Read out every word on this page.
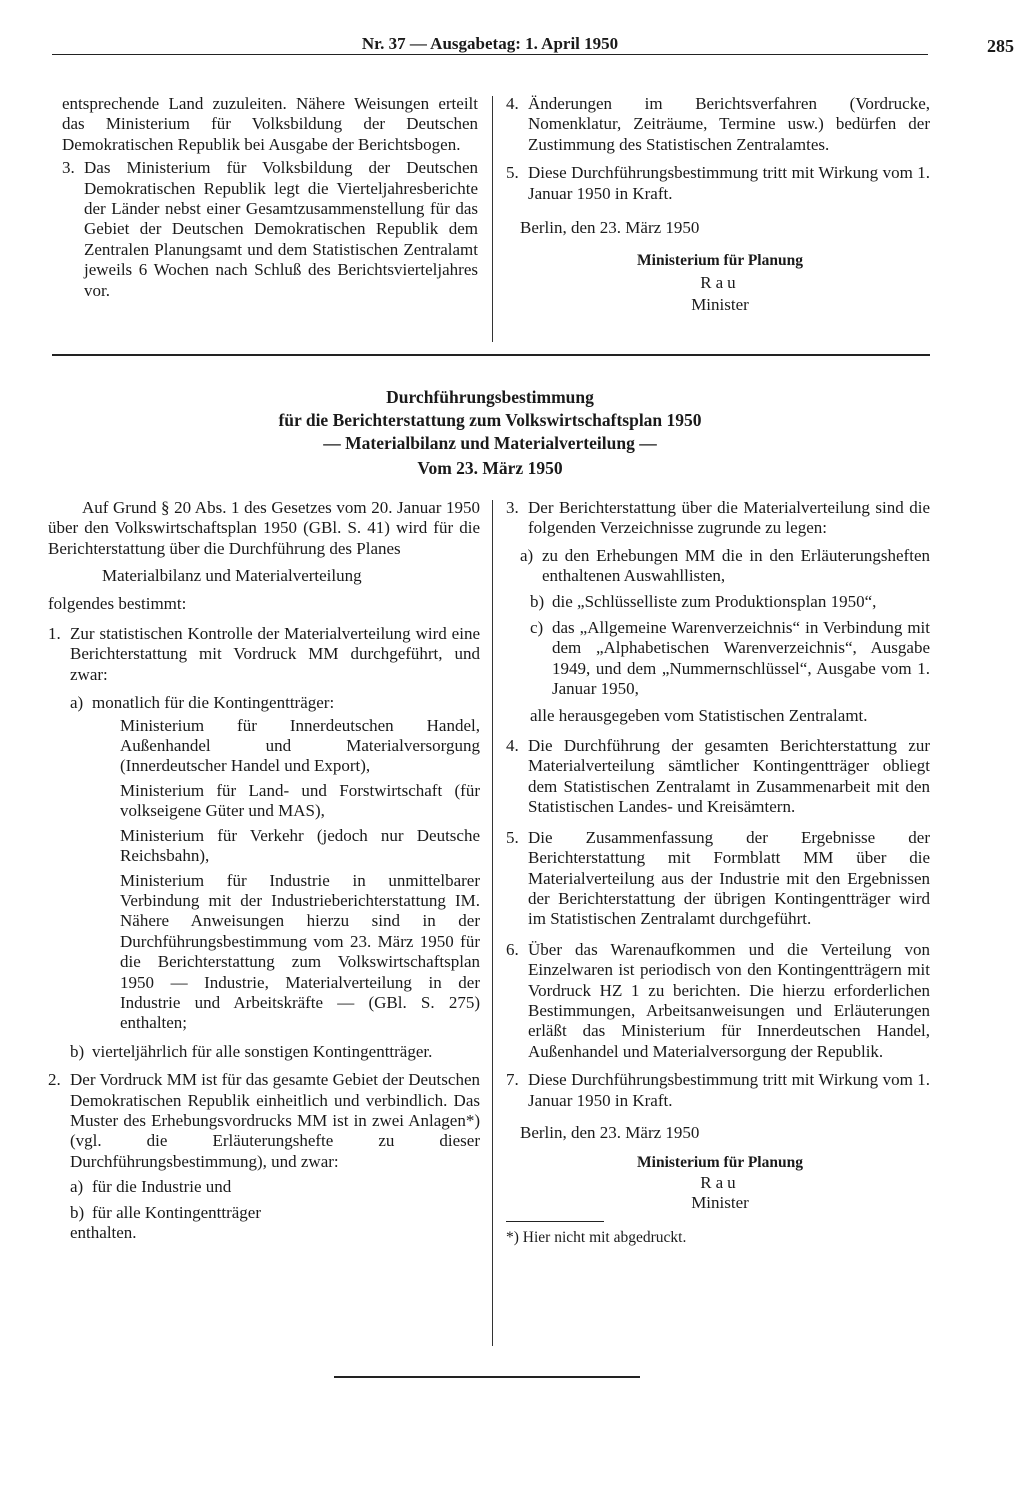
Nr. 37 — Ausgabetag: 1. April 1950	285

entsprechende Land zuzuleiten. Nähere Weisungen erteilt das Ministerium für Volksbildung der Deutschen Demokratischen Republik bei Ausgabe der Berichtsbogen.

3. Das Ministerium für Volksbildung der Deutschen Demokratischen Republik legt die Vierteljahresberichte der Länder nebst einer Gesamtzusammenstellung für das Gebiet der Deutschen Demokratischen Republik dem Zentralen Planungsamt und dem Statistischen Zentralamt jeweils 6 Wochen nach Schluß des Berichtsvierteljahres vor.
4. Änderungen im Berichtsverfahren (Vordrucke, Nomenklatur, Zeiträume, Termine usw.) bedürfen der Zustimmung des Statistischen Zentralamtes.
5. Diese Durchführungsbestimmung tritt mit Wirkung vom 1. Januar 1950 in Kraft.

Berlin, den 23. März 1950

Ministerium für Planung
Rau
Minister
Durchführungsbestimmung
für die Berichterstattung zum Volkswirtschaftsplan 1950
— Materialbilanz und Materialverteilung —
Vom 23. März 1950

Auf Grund § 20 Abs. 1 des Gesetzes vom 20. Januar 1950 über den Volkswirtschaftsplan 1950 (GBl. S. 41) wird für die Berichterstattung über die Durchführung des Planes

Materialbilanz und Materialverteilung

folgendes bestimmt:

1. Zur statistischen Kontrolle der Materialverteilung wird eine Berichterstattung mit Vordruck MM durchgeführt, und zwar:
a) monatlich für die Kontingentträger:

Ministerium für Innerdeutschen Handel, Außenhandel und Materialversorgung (Innerdeutscher Handel und Export),

Ministerium für Land- und Forstwirtschaft (für volkseigene Güter und MAS),

Ministerium für Verkehr (jedoch nur Deutsche Reichsbahn),

Ministerium für Industrie in unmittelbarer Verbindung mit der Industrieberichterstattung IM. Nähere Anweisungen hierzu sind in der Durchführungsbestimmung vom 23. März 1950 für die Berichterstattung zum Volkswirtschaftsplan 1950 — Industrie, Materialverteilung in der Industrie und Arbeitskräfte — (GBl. S. 275) enthalten;

b) vierteljährlich für alle sonstigen Kontingentträger.
2. Der Vordruck MM ist für das gesamte Gebiet der Deutschen Demokratischen Republik einheitlich und verbindlich. Das Muster des Erhebungsvordrucks MM ist in zwei Anlagen*) (vgl. die Erläuterungshefte zu dieser Durchführungsbestimmung), und zwar:
a) für die Industrie und
b) für alle Kontingentträger

enthalten.

3. Der Berichterstattung über die Materialverteilung sind die folgenden Verzeichnisse zugrunde zu legen:
a) zu den Erhebungen MM die in den Erläuterungsheften enthaltenen Auswahllisten,
b) die „Schlüsselliste zum Produktionsplan 1950“,
c) das „Allgemeine Warenverzeichnis“ in Verbindung mit dem „Alphabetischen Warenverzeichnis“, Ausgabe 1949, und dem „Nummernschlüssel“, Ausgabe vom 1. Januar 1950,

alle herausgegeben vom Statistischen Zentralamt.

4. Die Durchführung der gesamten Berichterstattung zur Materialverteilung sämtlicher Kontingentträger obliegt dem Statistischen Zentralamt in Zusammenarbeit mit den Statistischen Landes- und Kreisämtern.
5. Die Zusammenfassung der Ergebnisse der Berichterstattung mit Formblatt MM über die Materialverteilung aus der Industrie mit den Ergebnissen der Berichterstattung der übrigen Kontingentträger wird im Statistischen Zentralamt durchgeführt.
6. Über das Warenaufkommen und die Verteilung von Einzelwaren ist periodisch von den Kontingentträgern mit Vordruck HZ 1 zu berichten. Die hierzu erforderlichen Bestimmungen, Arbeitsanweisungen und Erläuterungen erläßt das Ministerium für Innerdeutschen Handel, Außenhandel und Materialversorgung der Republik.
7. Diese Durchführungsbestimmung tritt mit Wirkung vom 1. Januar 1950 in Kraft.

Berlin, den 23. März 1950

Ministerium für Planung
Rau
Minister

*) Hier nicht mit abgedruckt.
